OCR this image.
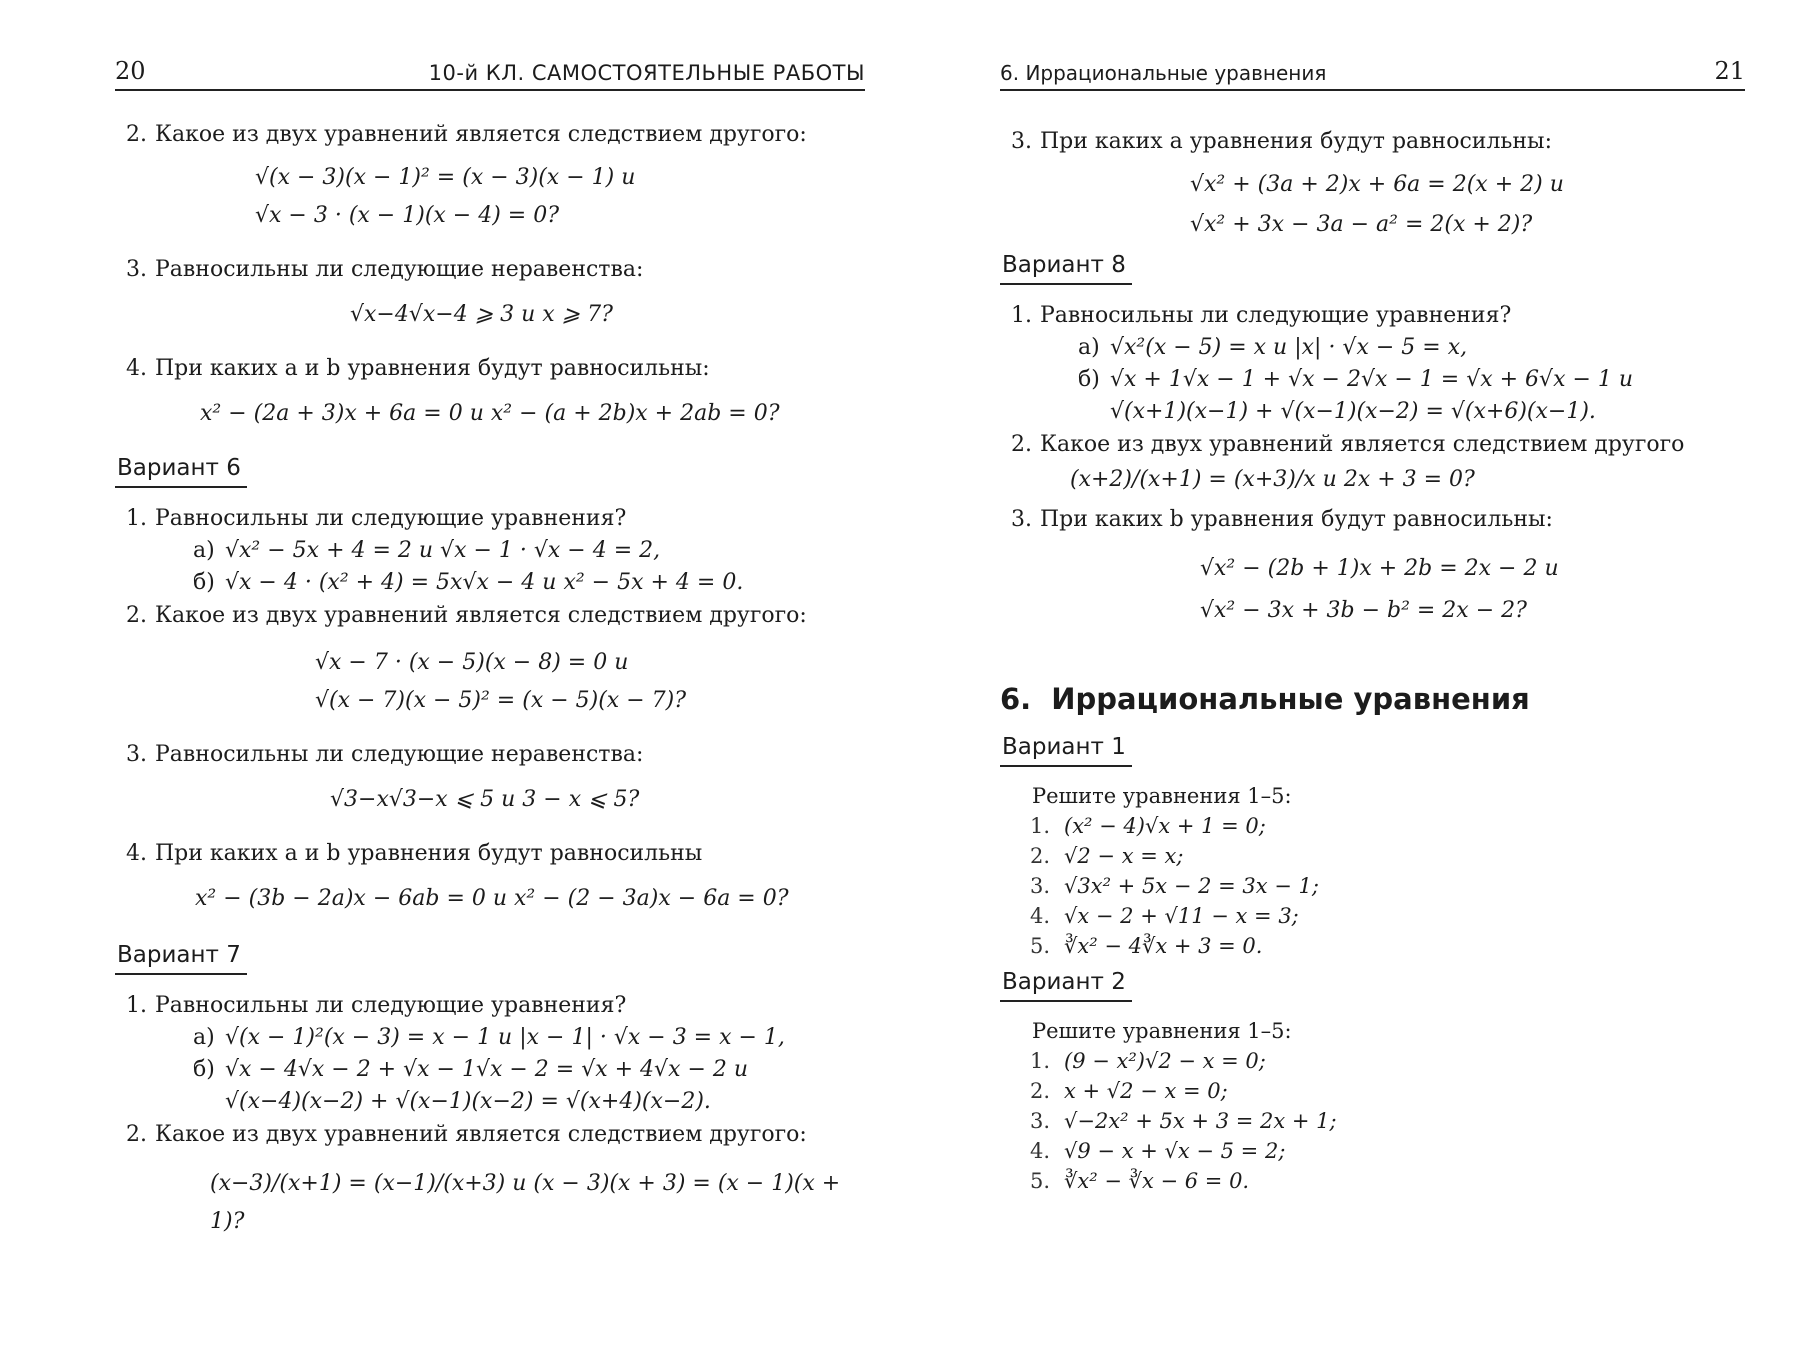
20	10-й КЛ. САМОСТОЯТЕЛЬНЫЕ РАБОТЫ

2. Какое из двух уравнений является следствием другого:

√(x − 3)(x − 1)² = (x − 3)(x − 1) и
√x − 3 · (x − 1)(x − 4) = 0?

3. Равносильны ли следующие неравенства:

√x−4√x−4 ⩾ 3 и x ⩾ 7?

4. При каких a и b уравнения будут равносильны:

x² − (2a + 3)x + 6a = 0 и x² − (a + 2b)x + 2ab = 0?
Вариант 6

1. Равносильны ли следующие уравнения?

а) √x² − 5x + 4 = 2 и √x − 1 · √x − 4 = 2,
б) √x − 4 · (x² + 4) = 5x√x − 4 и x² − 5x + 4 = 0.

2. Какое из двух уравнений является следствием другого:

√x − 7 · (x − 5)(x − 8) = 0 и
√(x − 7)(x − 5)² = (x − 5)(x − 7)?

3. Равносильны ли следующие неравенства:

√3−x√3−x ⩽ 5 и 3 − x ⩽ 5?

4. При каких a и b уравнения будут равносильны

x² − (3b − 2a)x − 6ab = 0 и x² − (2 − 3a)x − 6a = 0?
Вариант 7

1. Равносильны ли следующие уравнения?

а) √(x − 1)²(x − 3) = x − 1 и |x − 1| · √x − 3 = x − 1,
б) √x − 4√x − 2 + √x − 1√x − 2 = √x + 4√x − 2 и
√(x−4)(x−2) + √(x−1)(x−2) = √(x+4)(x−2).

2. Какое из двух уравнений является следствием другого:

(x−3)/(x+1) = (x−1)/(x+3) и (x − 3)(x + 3) = (x − 1)(x + 1)?
6. Иррациональные уравнения	21

3. При каких a уравнения будут равносильны:

√x² + (3a + 2)x + 6a = 2(x + 2) и
√x² + 3x − 3a − a² = 2(x + 2)?
Вариант 8

1. Равносильны ли следующие уравнения?

а) √x²(x − 5) = x и |x| · √x − 5 = x,
б) √x + 1√x − 1 + √x − 2√x − 1 = √x + 6√x − 1 и
√(x+1)(x−1) + √(x−1)(x−2) = √(x+6)(x−1).

2. Какое из двух уравнений является следствием другого

(x+2)/(x+1) = (x+3)/x и 2x + 3 = 0?

3. При каких b уравнения будут равносильны:

√x² − (2b + 1)x + 2b = 2x − 2 и
√x² − 3x + 3b − b² = 2x − 2?
6. Иррациональные уравнения
Вариант 1
Решите уравнения 1–5:
1. (x² − 4)√x + 1 = 0;
2. √2 − x = x;
3. √3x² + 5x − 2 = 3x − 1;
4. √x − 2 + √11 − x = 3;
5. ∛x² − 4∛x + 3 = 0.
Вариант 2
Решите уравнения 1–5:
1. (9 − x²)√2 − x = 0;
2. x + √2 − x = 0;
3. √−2x² + 5x + 3 = 2x + 1;
4. √9 − x + √x − 5 = 2;
5. ∛x² − ∛x − 6 = 0.
